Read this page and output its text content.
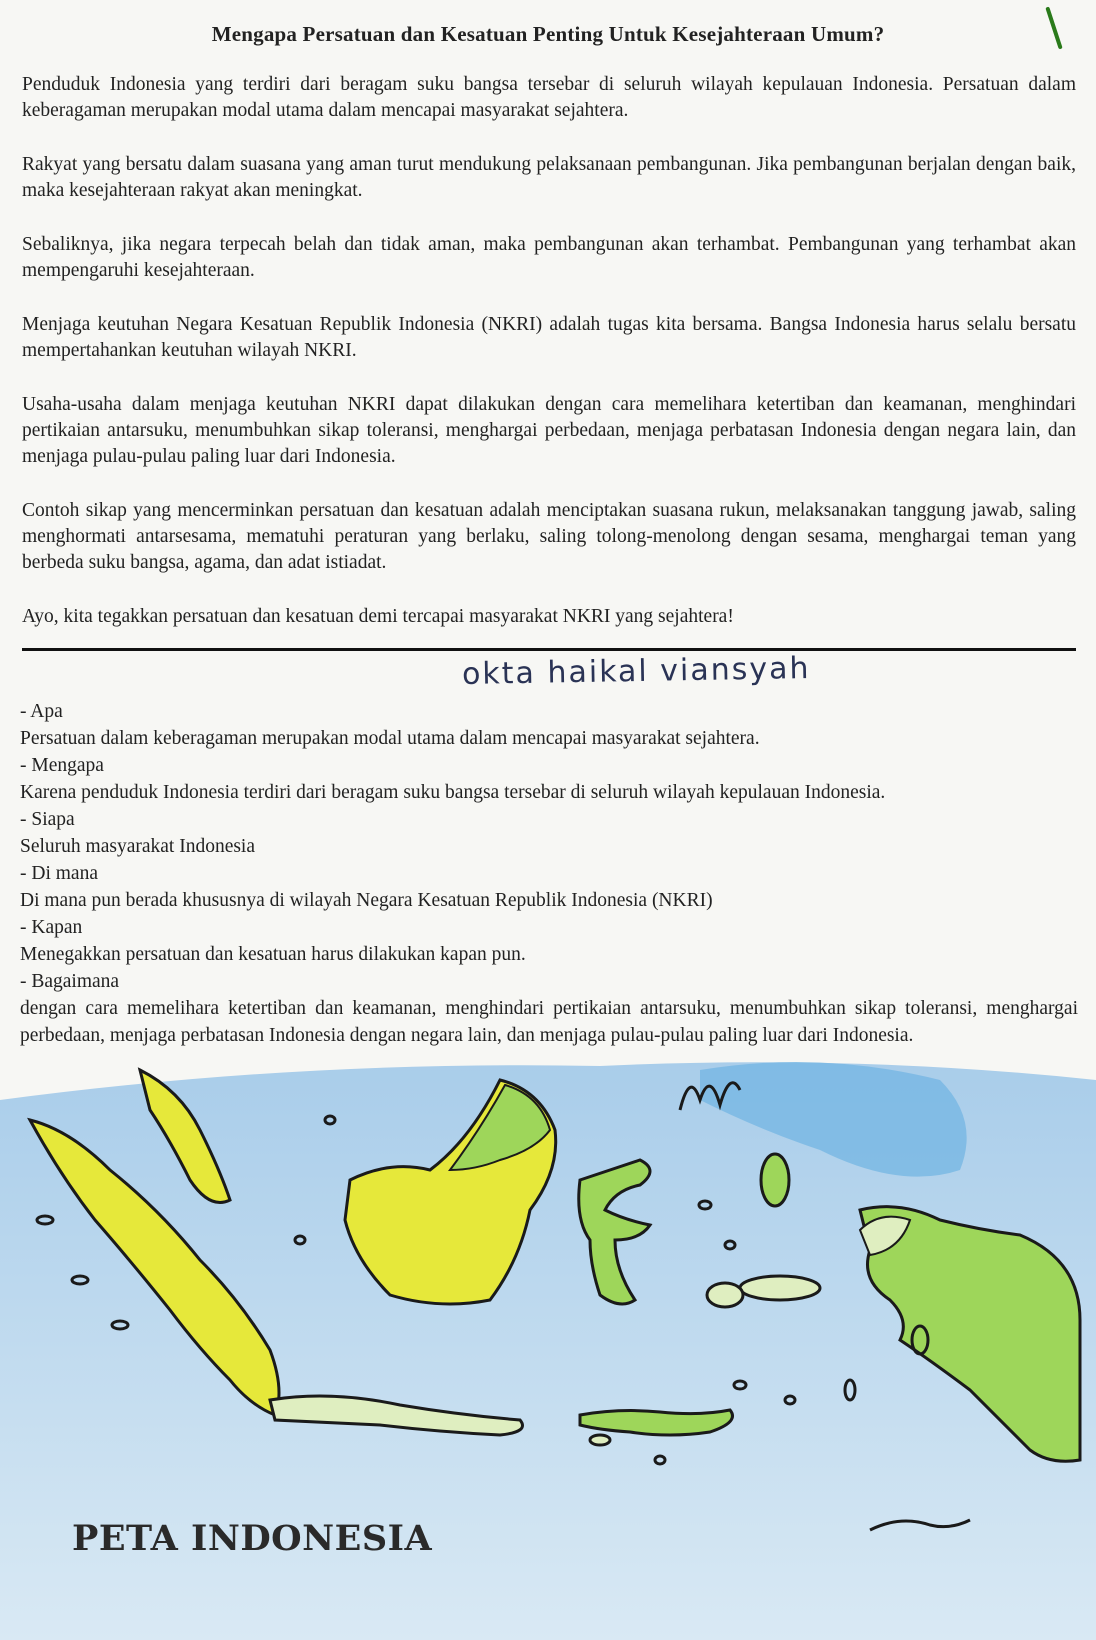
Mengapa Persatuan dan Kesatuan Penting Untuk Kesejahteraan Umum?

Penduduk Indonesia yang terdiri dari beragam suku bangsa tersebar di seluruh wilayah kepulauan Indonesia. Persatuan dalam keberagaman merupakan modal utama dalam mencapai masyarakat sejahtera.

Rakyat yang bersatu dalam suasana yang aman turut mendukung pelaksanaan pembangunan. Jika pembangunan berjalan dengan baik, maka kesejahteraan rakyat akan meningkat.

Sebaliknya, jika negara terpecah belah dan tidak aman, maka pembangunan akan terhambat. Pembangunan yang terhambat akan mempengaruhi kesejahteraan.

Menjaga keutuhan Negara Kesatuan Republik Indonesia (NKRI) adalah tugas kita bersama. Bangsa Indonesia harus selalu bersatu mempertahankan keutuhan wilayah NKRI.

Usaha-usaha dalam menjaga keutuhan NKRI dapat dilakukan dengan cara memelihara ketertiban dan keamanan, menghindari pertikaian antarsuku, menumbuhkan sikap toleransi, menghargai perbedaan, menjaga perbatasan Indonesia dengan negara lain, dan menjaga pulau-pulau paling luar dari Indonesia.

Contoh sikap yang mencerminkan persatuan dan kesatuan adalah menciptakan suasana rukun, melaksanakan tanggung jawab, saling menghormati antarsesama, mematuhi peraturan yang berlaku, saling tolong-menolong dengan sesama, menghargai teman yang berbeda suku bangsa, agama, dan adat istiadat.

Ayo, kita tegakkan persatuan dan kesatuan demi tercapai masyarakat NKRI yang sejahtera!

okta haikal viansyah
- Apa
Persatuan dalam keberagaman merupakan modal utama dalam mencapai masyarakat sejahtera.
- Mengapa
Karena penduduk Indonesia terdiri dari beragam suku bangsa tersebar di seluruh wilayah kepulauan Indonesia.
- Siapa
Seluruh masyarakat Indonesia
- Di mana
Di mana pun berada khususnya di wilayah Negara Kesatuan Republik Indonesia (NKRI)
- Kapan
Menegakkan persatuan dan kesatuan harus dilakukan kapan pun.
- Bagaimana
dengan cara memelihara ketertiban dan keamanan, menghindari pertikaian antarsuku, menumbuhkan sikap toleransi, menghargai perbedaan, menjaga perbatasan Indonesia dengan negara lain, dan menjaga pulau-pulau paling luar dari Indonesia.
PETA INDONESIA
